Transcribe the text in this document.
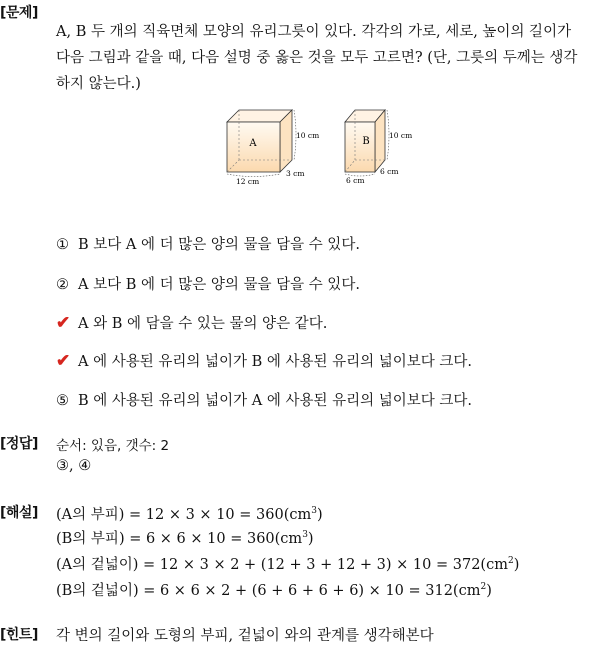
[문제]
A, B 두 개의 직육면체 모양의 유리그릇이 있다. 각각의 가로, 세로, 높이의 길이가 다음 그림과 같을 때, 다음 설명 중 옳은 것을 모두 고르면? (단, 그릇의 두께는 생각하지 않는다.)
A
10 cm
3 cm
12 cm
B
10 cm
6 cm
6 cm
① B 보다 A 에 더 많은 양의 물을 담을 수 있다.
② A 보다 B 에 더 많은 양의 물을 담을 수 있다.
✔ A 와 B 에 담을 수 있는 물의 양은 같다.
✔ A 에 사용된 유리의 넓이가 B 에 사용된 유리의 넓이보다 크다.
⑤ B 에 사용된 유리의 넓이가 A 에 사용된 유리의 넓이보다 크다.
[정답] 순서: 있음, 갯수: 2
③, ④
[해설] (A의 부피) = $12 \times 3 \times 10 = 360(cm^3)$
(B의 부피) = $6 \times 6 \times 10 = 360(cm^3)$
(A의 겉넓이) = $12 \times 3 \times 2 + (12 + 3 + 12 + 3) \times 10 = 372(cm^2)$
(B의 겉넓이) = $6 \times 6 \times 2 + (6 + 6 + 6 + 6) \times 10 = 312(cm^2)$
[힌트] 각 변의 길이와 도형의 부피, 겉넓이 와의 관계를 생각해본다
